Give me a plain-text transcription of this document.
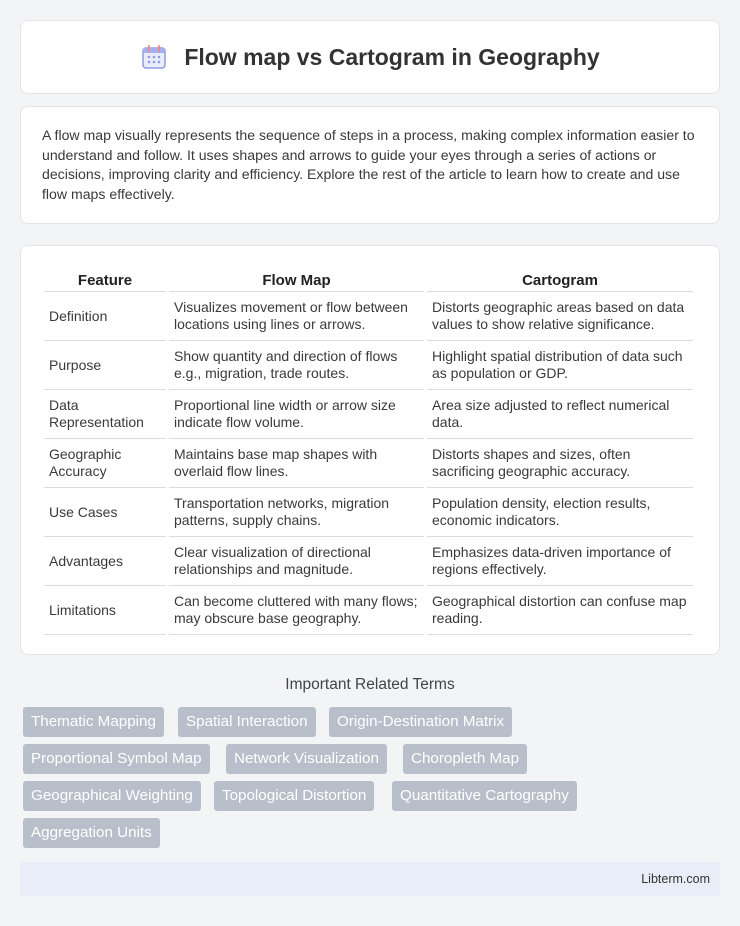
Flow map vs Cartogram in Geography

A flow map visually represents the sequence of steps in a process, making complex information easier to understand and follow. It uses shapes and arrows to guide your eyes through a series of actions or decisions, improving clarity and efficiency. Explore the rest of the article to learn how to create and use flow maps effectively.

Feature	Flow Map	Cartogram
Definition	Visualizes movement or flow between locations using lines or arrows.	Distorts geographic areas based on data values to show relative significance.
Purpose	Show quantity and direction of flows e.g., migration, trade routes.	Highlight spatial distribution of data such as population or GDP.
Data Representation	Proportional line width or arrow size indicate flow volume.	Area size adjusted to reflect numerical data.
Geographic Accuracy	Maintains base map shapes with overlaid flow lines.	Distorts shapes and sizes, often sacrificing geographic accuracy.
Use Cases	Transportation networks, migration patterns, supply chains.	Population density, election results, economic indicators.
Advantages	Clear visualization of directional relationships and magnitude.	Emphasizes data-driven importance of regions effectively.
Limitations	Can become cluttered with many flows; may obscure base geography.	Geographical distortion can confuse map reading.
Important Related Terms
Thematic Mapping	Spatial Interaction	Origin-Destination Matrix
Proportional Symbol Map	Network Visualization	Choropleth Map
Geographical Weighting	Topological Distortion	Quantitative Cartography
Aggregation Units
Libterm.com
